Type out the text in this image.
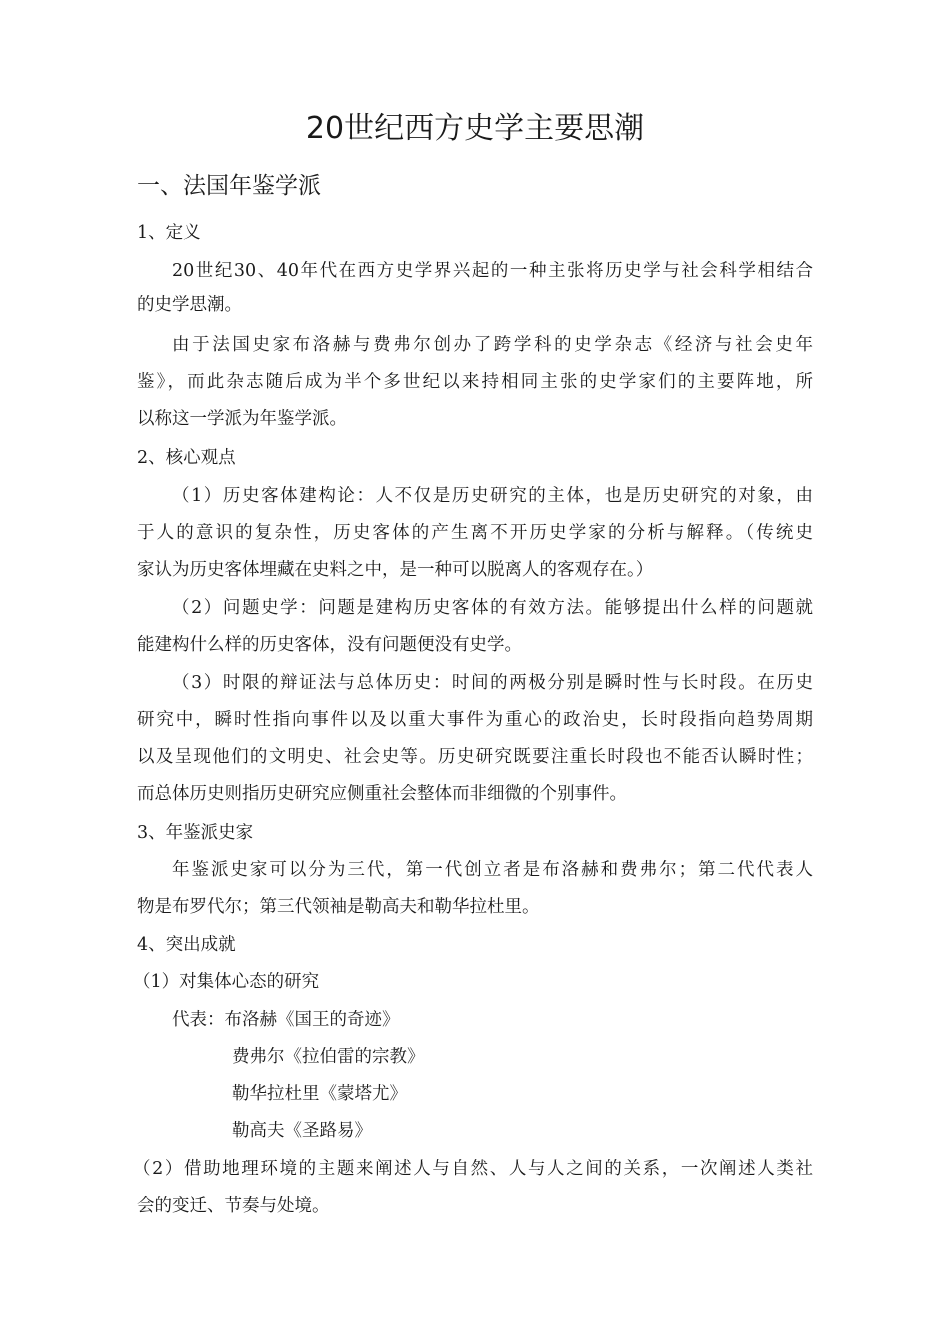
20世纪西方史学主要思潮
一、法国年鉴学派
1、定义
20世纪30、40年代在西方史学界兴起的一种主张将历史学与社会科学相结合
的史学思潮。
由于法国史家布洛赫与费弗尔创办了跨学科的史学杂志《经济与社会史年
鉴》，而此杂志随后成为半个多世纪以来持相同主张的史学家们的主要阵地，所
以称这一学派为年鉴学派。
2、核心观点
（1）历史客体建构论：人不仅是历史研究的主体，也是历史研究的对象，由
于人的意识的复杂性，历史客体的产生离不开历史学家的分析与解释。（传统史
家认为历史客体埋藏在史料之中，是一种可以脱离人的客观存在。）
（2）问题史学：问题是建构历史客体的有效方法。能够提出什么样的问题就
能建构什么样的历史客体，没有问题便没有史学。
（3）时限的辩证法与总体历史：时间的两极分别是瞬时性与长时段。在历史
研究中，瞬时性指向事件以及以重大事件为重心的政治史，长时段指向趋势周期
以及呈现他们的文明史、社会史等。历史研究既要注重长时段也不能否认瞬时性；
而总体历史则指历史研究应侧重社会整体而非细微的个别事件。
3、年鉴派史家
年鉴派史家可以分为三代，第一代创立者是布洛赫和费弗尔；第二代代表人
物是布罗代尔；第三代领袖是勒高夫和勒华拉杜里。
4、突出成就
（1）对集体心态的研究
代表：布洛赫《国王的奇迹》
费弗尔《拉伯雷的宗教》
勒华拉杜里《蒙塔尤》
勒高夫《圣路易》
（2）借助地理环境的主题来阐述人与自然、人与人之间的关系，一次阐述人类社
会的变迁、节奏与处境。
